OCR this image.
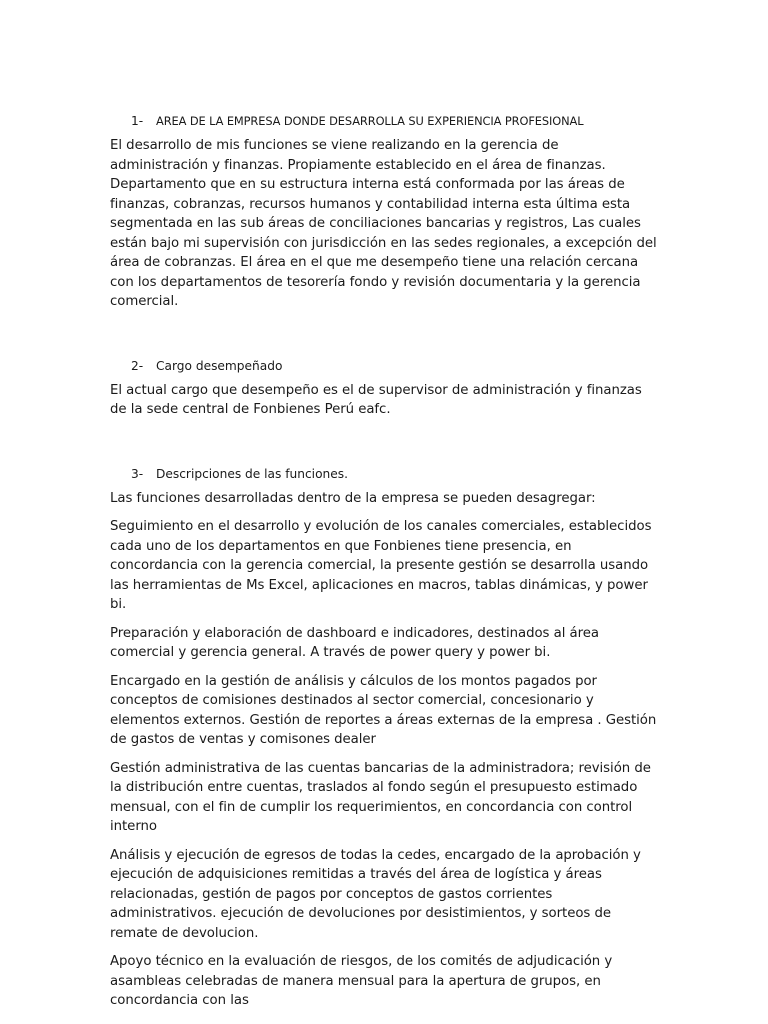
1-	AREA DE LA EMPRESA DONDE DESARROLLA SU EXPERIENCIA PROFESIONAL

El desarrollo de mis funciones se viene realizando en la gerencia de administración y finanzas. Propiamente establecido en el área de finanzas. Departamento que en su estructura interna está conformada por las áreas de finanzas, cobranzas, recursos humanos y contabilidad interna esta última esta segmentada en las sub áreas de conciliaciones bancarias y registros, Las cuales están bajo mi supervisión con jurisdicción en las sedes regionales, a excepción del área de cobranzas. El área en el que me desempeño tiene una relación cercana con los departamentos de tesorería fondo y revisión documentaria y la gerencia comercial.

2-	Cargo desempeñado

El actual cargo que desempeño es el de supervisor de administración y finanzas de la sede central de Fonbienes Perú eafc.

3-	Descripciones de las funciones.

Las funciones desarrolladas dentro de la empresa se pueden desagregar:

Seguimiento en el desarrollo y evolución de los canales comerciales, establecidos cada uno de los departamentos en que Fonbienes tiene presencia, en concordancia con la gerencia comercial, la presente gestión se desarrolla usando las herramientas de Ms Excel, aplicaciones en macros, tablas dinámicas, y power bi.

Preparación y elaboración de dashboard e indicadores, destinados al área comercial y gerencia general. A través de power query y power bi.

Encargado en la gestión de análisis y cálculos de los montos pagados por conceptos de comisiones destinados al sector comercial, concesionario y elementos externos. Gestión de reportes a áreas externas de la empresa . Gestión de gastos de ventas y comisones dealer

Gestión administrativa de las cuentas bancarias de la administradora; revisión de la distribución entre cuentas, traslados al fondo según el presupuesto estimado mensual, con el fin de cumplir los requerimientos, en concordancia con control interno

Análisis y ejecución de egresos de todas la cedes, encargado de la aprobación y ejecución de adquisiciones remitidas a través del área de logística y áreas relacionadas, gestión de pagos por conceptos de gastos corrientes administrativos. ejecución de devoluciones por desistimientos, y sorteos de remate de devolucion.

Apoyo técnico en la evaluación de riesgos, de los comités de adjudicación y asambleas celebradas de manera mensual para la apertura de grupos, en concordancia con las
